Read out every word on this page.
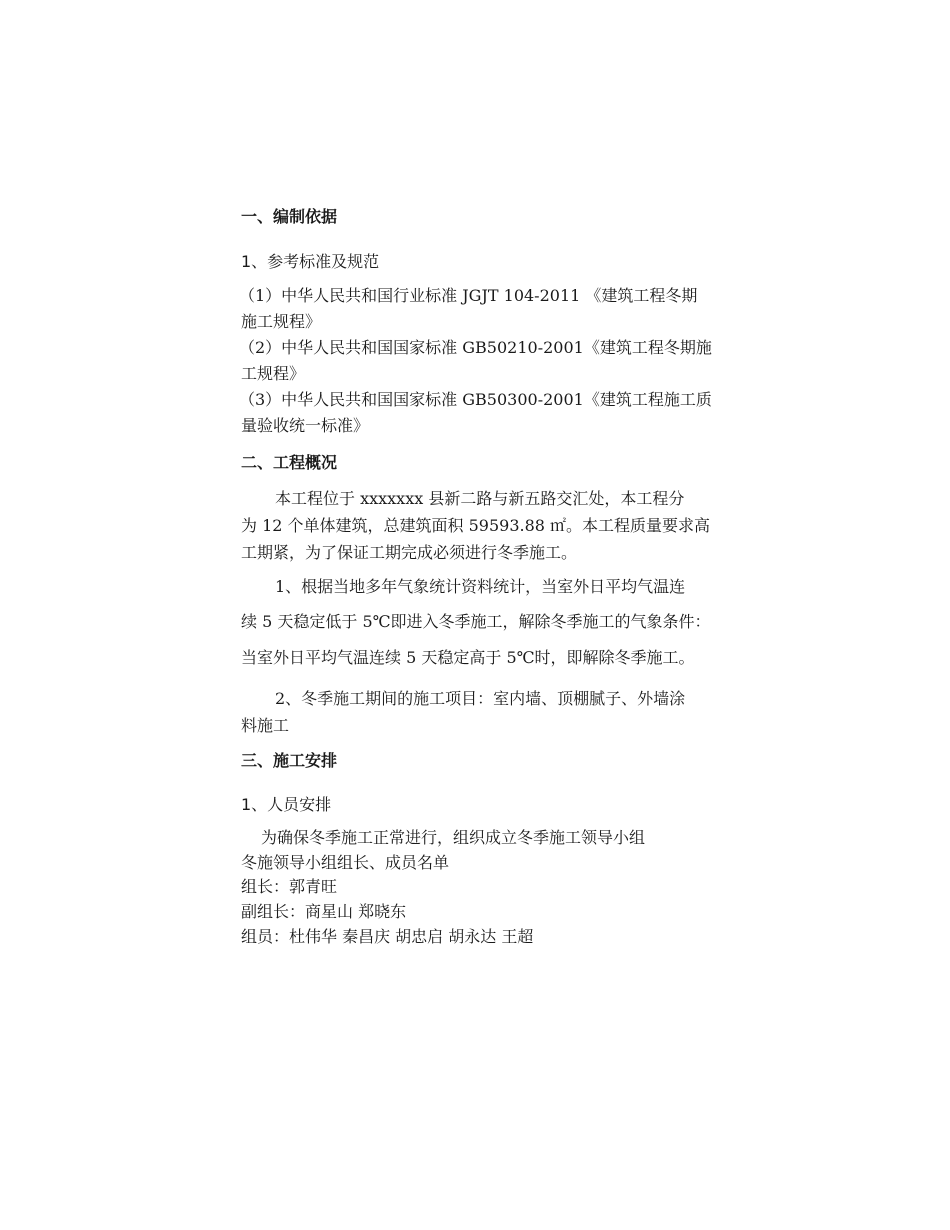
一、编制依据
1、参考标准及规范
（1）中华人民共和国行业标准 JGJT 104-2011 《建筑工程冬期
施工规程》
（2）中华人民共和国国家标准 GB50210-2001《建筑工程冬期施
工规程》
（3）中华人民共和国国家标准 GB50300-2001《建筑工程施工质
量验收统一标准》
二、工程概况
本工程位于 xxxxxxx 县新二路与新五路交汇处，本工程分
为 12 个单体建筑，总建筑面积 59593.88 ㎡。本工程质量要求高
工期紧，为了保证工期完成必须进行冬季施工。
1、根据当地多年气象统计资料统计，当室外日平均气温连
续 5 天稳定低于 5℃即进入冬季施工，解除冬季施工的气象条件：
当室外日平均气温连续 5 天稳定高于 5℃时，即解除冬季施工。
2、冬季施工期间的施工项目：室内墙、顶棚腻子、外墙涂
料施工
三、施工安排
1、人员安排
为确保冬季施工正常进行，组织成立冬季施工领导小组
冬施领导小组组长、成员名单
组长：郭青旺
副组长：商星山 郑晓东
组员：杜伟华 秦昌庆 胡忠启 胡永达 王超
